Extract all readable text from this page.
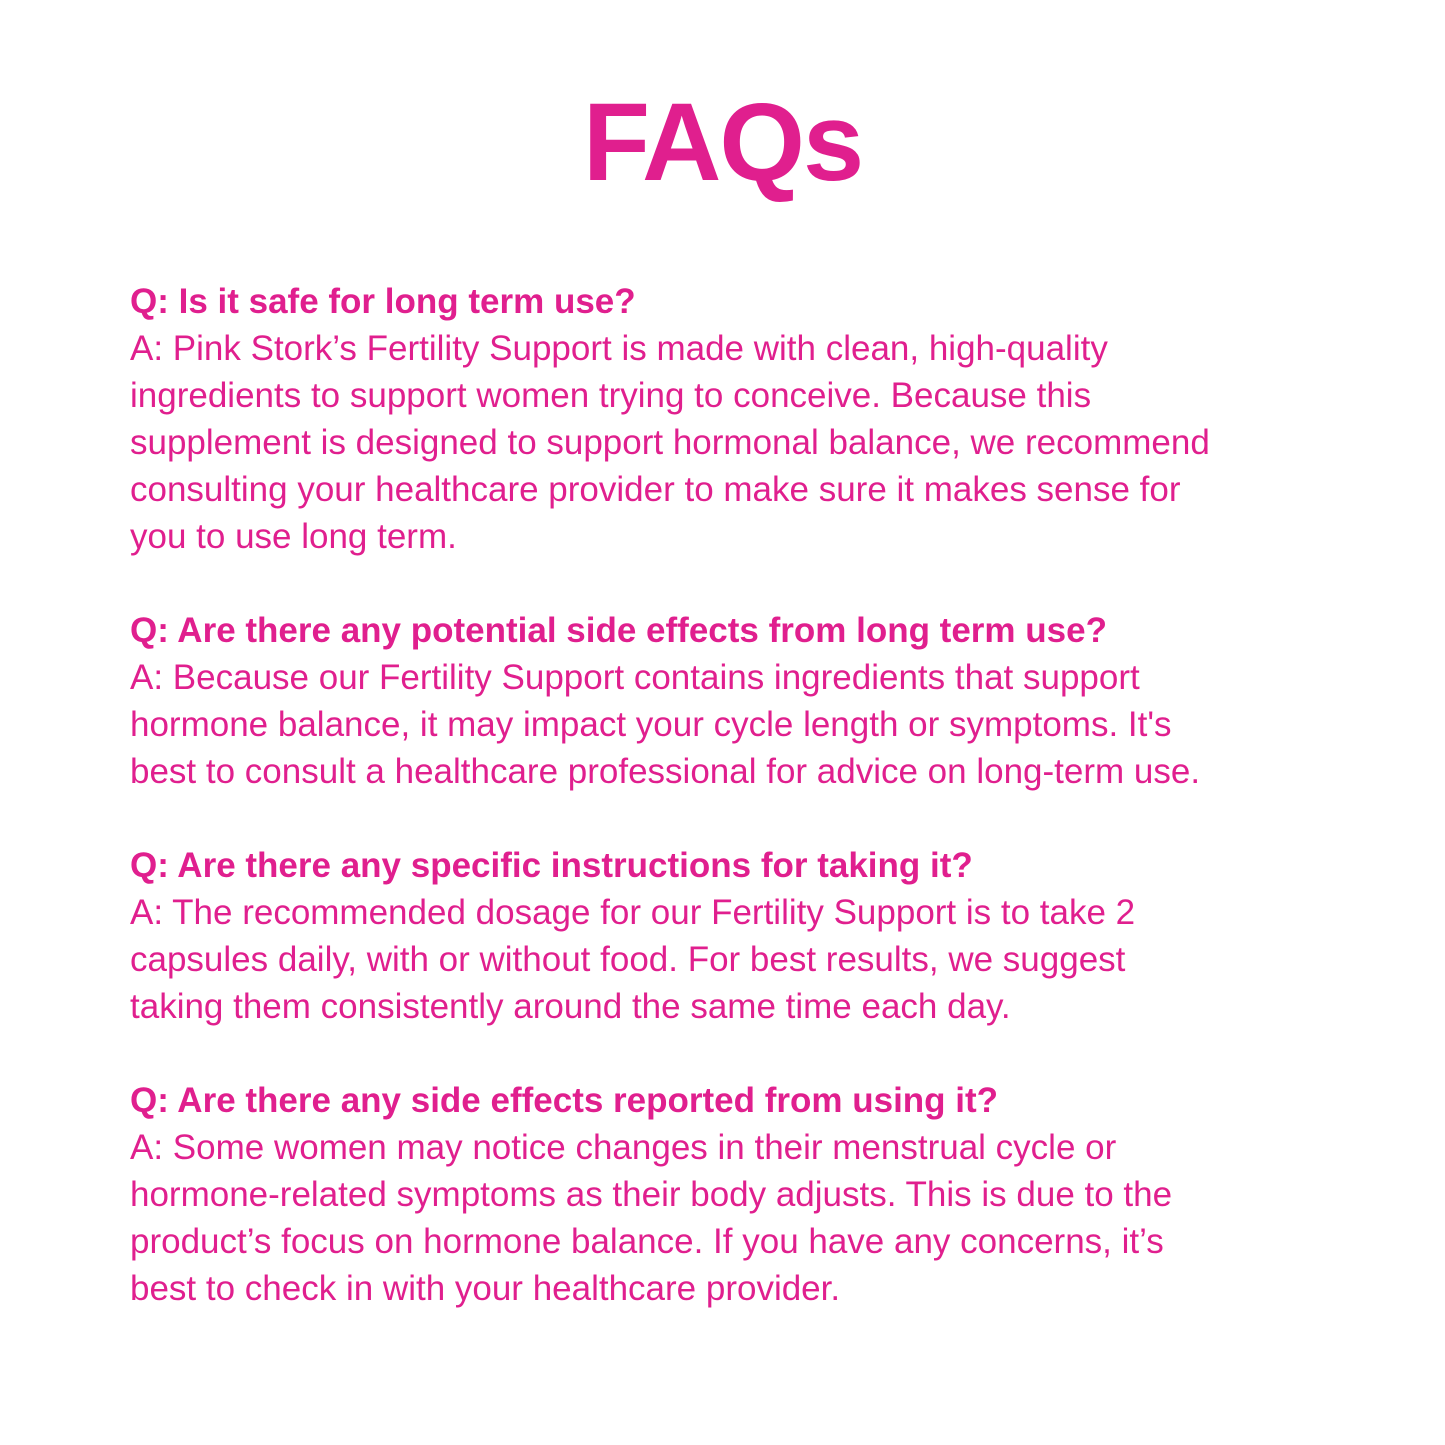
FAQs

Q: Is it safe for long term use?

A: Pink Stork’s Fertility Support is made with clean, high-quality
ingredients to support women trying to conceive. Because this
supplement is designed to support hormonal balance, we recommend
consulting your healthcare provider to make sure it makes sense for
you to use long term.

Q: Are there any potential side effects from long term use?

A: Because our Fertility Support contains ingredients that support
hormone balance, it may impact your cycle length or symptoms. It's
best to consult a healthcare professional for advice on long-term use.

Q: Are there any specific instructions for taking it?

A: The recommended dosage for our Fertility Support is to take 2
capsules daily, with or without food. For best results, we suggest
taking them consistently around the same time each day.

Q: Are there any side effects reported from using it?

A: Some women may notice changes in their menstrual cycle or
hormone-related symptoms as their body adjusts. This is due to the
product’s focus on hormone balance. If you have any concerns, it’s
best to check in with your healthcare provider.
